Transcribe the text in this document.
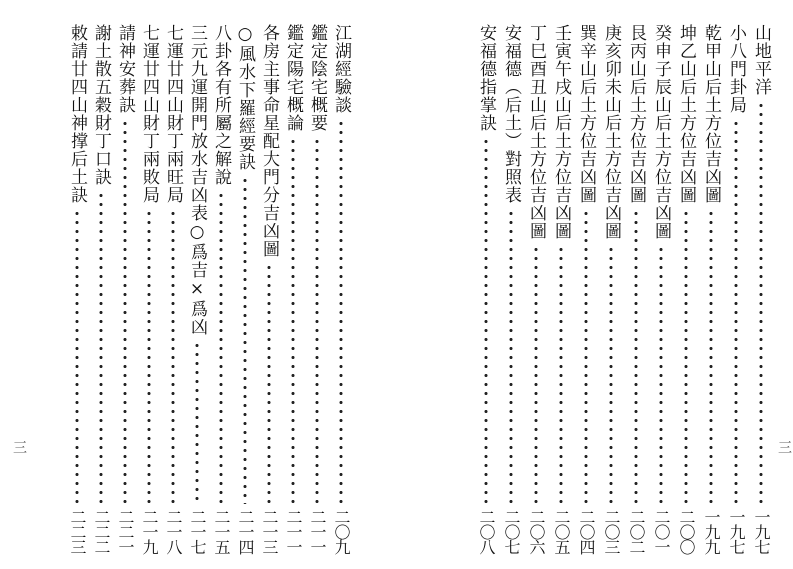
山地平洋
一九七
小八門卦局
一九七
乾甲山后土方位吉凶圖
一九九
坤乙山后土方位吉凶圖
二〇〇
癸申子辰山后土方位吉凶圖
二〇一
艮丙山后土方位吉凶圖
二〇二
庚亥卯未山后土方位吉凶圖
二〇三
巽辛山后土方位吉凶圖
二〇四
壬寅午戌山后土方位吉凶圖
二〇五
丁巳酉丑山后土方位吉凶圖
二〇六
安福德（后土）對照表
二〇七
安福德指掌訣
二〇八
三
江湖經驗談
二〇九
鑑定陰宅概要
二一一
鑑定陽宅概論
二一一
各房主事命星配大門分吉凶圖
二一三
○風水下羅經要訣
二一四
八卦各有所屬之解說
二一五
三元九運開門放水吉凶表○爲吉×爲凶
二一七
七運廿四山財丁兩旺局
二一八
七運廿四山財丁兩敗局
二一九
請神安葬訣
二二一
謝土散五穀財丁口訣
二二二
敕請廿四山神撑后土訣
二二三
三
